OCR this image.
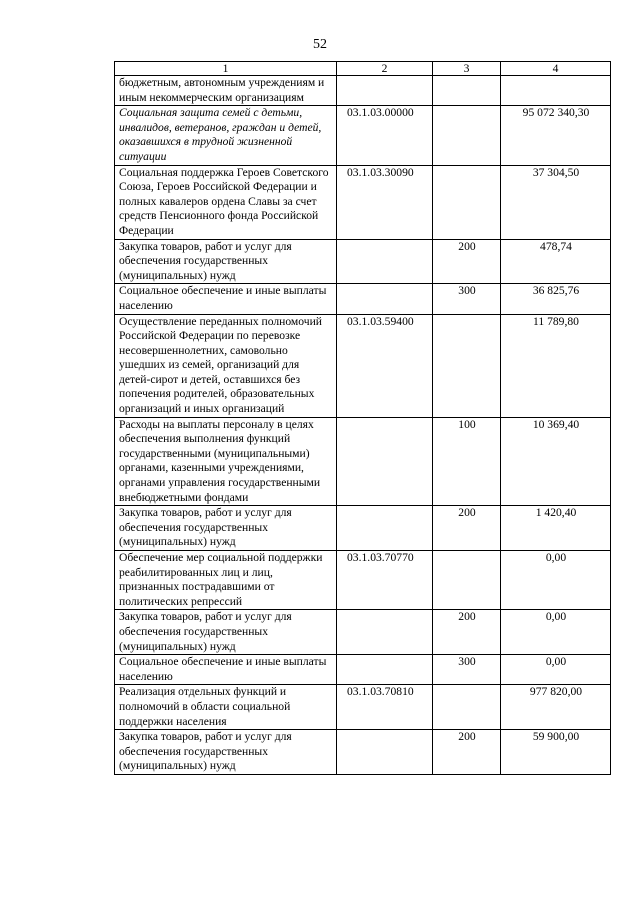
52
1	2	3	4
бюджетным, автономным учреждениям и иным некоммерческим организациям			
Социальная защита семей с детьми, инвалидов, ветеранов, граждан и детей, оказавшихся в трудной жизненной ситуации	03.1.03.00000		95 072 340,30
Социальная поддержка Героев Советского Союза, Героев Российской Федерации и полных кавалеров ордена Славы за счет средств Пенсионного фонда Российской Федерации	03.1.03.30090		37 304,50
Закупка товаров, работ и услуг для обеспечения государственных (муниципальных) нужд		200	478,74
Социальное обеспечение и иные выплаты населению		300	36 825,76
Осуществление переданных полномочий Российской Федерации по перевозке несовершеннолетних, самовольно ушедших из семей, организаций для детей-сирот и детей, оставшихся без попечения родителей, образовательных организаций и иных организаций	03.1.03.59400		11 789,80
Расходы на выплаты персоналу в целях обеспечения выполнения функций государственными (муниципальными) органами, казенными учреждениями, органами управления государственными внебюджетными фондами		100	10 369,40
Закупка товаров, работ и услуг для обеспечения государственных (муниципальных) нужд		200	1 420,40
Обеспечение мер социальной поддержки реабилитированных лиц и лиц, признанных пострадавшими от политических репрессий	03.1.03.70770		0,00
Закупка товаров, работ и услуг для обеспечения государственных (муниципальных) нужд		200	0,00
Социальное обеспечение и иные выплаты населению		300	0,00
Реализация отдельных функций и полномочий в области социальной поддержки населения	03.1.03.70810		977 820,00
Закупка товаров, работ и услуг для обеспечения государственных (муниципальных) нужд		200	59 900,00
